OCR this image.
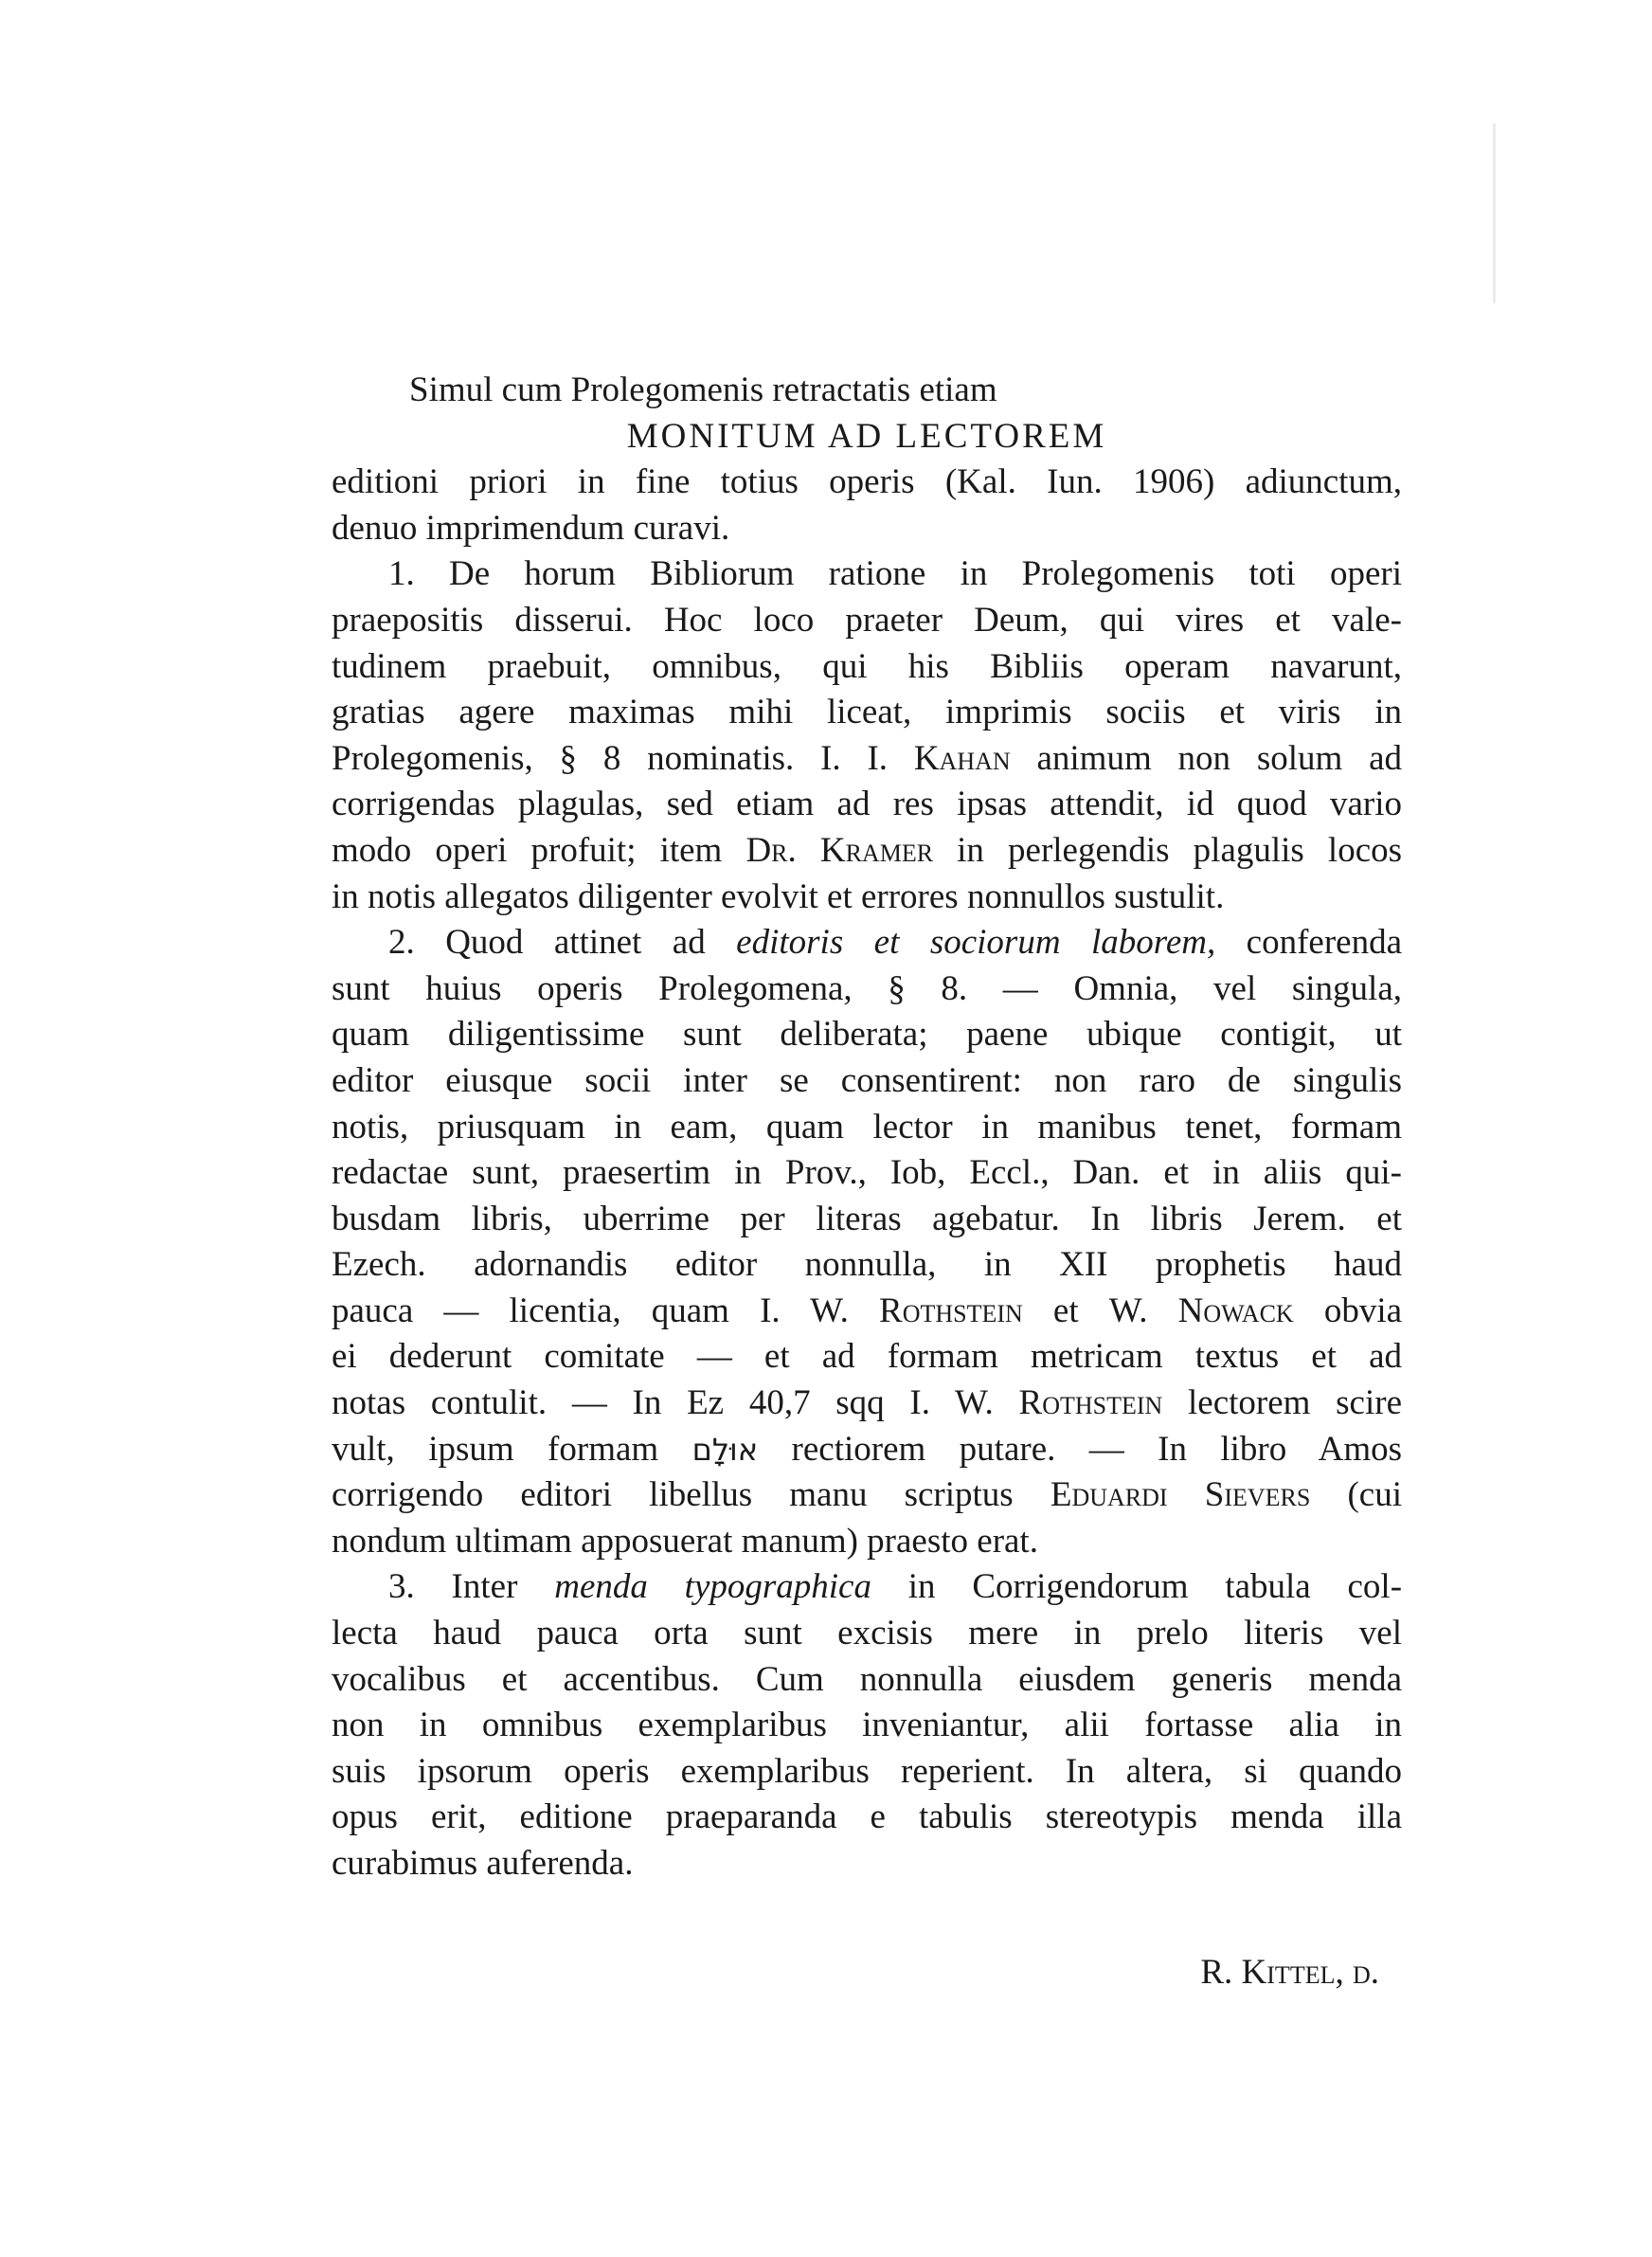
Simul cum Prolegomenis retractatis etiam
MONITUM AD LECTOREM
editioni priori in fine totius operis (Kal. Iun. 1906) adiunctum,
denuo imprimendum curavi.
1. De horum Bibliorum ratione in Prolegomenis toti operi
praepositis disserui. Hoc loco praeter Deum, qui vires et vale-
tudinem praebuit, omnibus, qui his Bibliis operam navarunt,
gratias agere maximas mihi liceat, imprimis sociis et viris in
Prolegomenis, § 8 nominatis. I. I. Kahan animum non solum ad
corrigendas plagulas, sed etiam ad res ipsas attendit, id quod vario
modo operi profuit; item Dr. Kramer in perlegendis plagulis locos
in notis allegatos diligenter evolvit et errores nonnullos sustulit.
2. Quod attinet ad editoris et sociorum laborem, conferenda
sunt huius operis Prolegomena, § 8. — Omnia, vel singula,
quam diligentissime sunt deliberata; paene ubique contigit, ut
editor eiusque socii inter se consentirent: non raro de singulis
notis, priusquam in eam, quam lector in manibus tenet, formam
redactae sunt, praesertim in Prov., Iob, Eccl., Dan. et in aliis qui-
busdam libris, uberrime per literas agebatur. In libris Jerem. et
Ezech. adornandis editor nonnulla, in XII prophetis haud
pauca — licentia, quam I. W. Rothstein et W. Nowack obvia
ei dederunt comitate — et ad formam metricam textus et ad
notas contulit. — In Ez 40,7 sqq I. W. Rothstein lectorem scire
vult, ipsum formam אוּלָם rectiorem putare. — In libro Amos
corrigendo editori libellus manu scriptus Eduardi Sievers (cui
nondum ultimam apposuerat manum) praesto erat.
3. Inter menda typographica in Corrigendorum tabula col-
lecta haud pauca orta sunt excisis mere in prelo literis vel
vocalibus et accentibus. Cum nonnulla eiusdem generis menda
non in omnibus exemplaribus inveniantur, alii fortasse alia in
suis ipsorum operis exemplaribus reperient. In altera, si quando
opus erit, editione praeparanda e tabulis stereotypis menda illa
curabimus auferenda.
R. Kittel, d.
